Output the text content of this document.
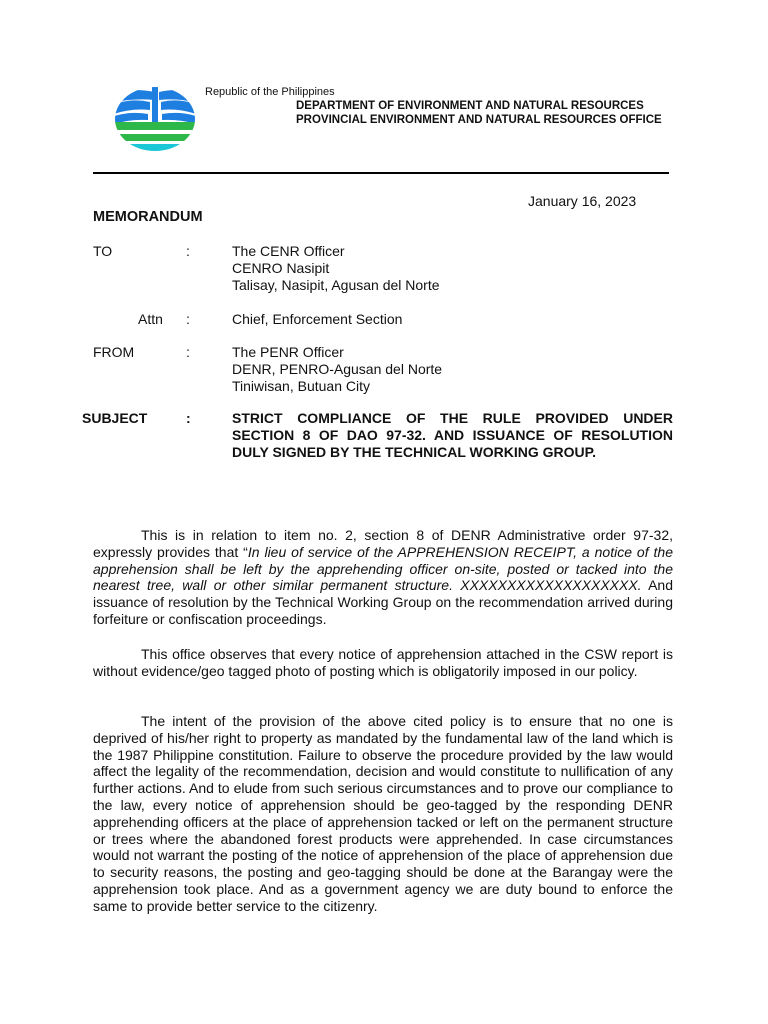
Republic of the Philippines
DEPARTMENT OF ENVIRONMENT AND NATURAL RESOURCES
PROVINCIAL ENVIRONMENT AND NATURAL RESOURCES OFFICE
January 16, 2023
MEMORANDUM
TO	:	The CENR Officer
CENRO Nasipit
Talisay, Nasipit, Agusan del Norte
Attn :	Chief, Enforcement Section
FROM	:	The PENR Officer
DENR, PENRO-Agusan del Norte
Tiniwisan, Butuan City
SUBJECT	:	STRICT COMPLIANCE OF THE RULE PROVIDED UNDER SECTION 8 OF DAO 97-32. AND ISSUANCE OF RESOLUTION DULY SIGNED BY THE TECHNICAL WORKING GROUP.
This is in relation to item no. 2, section 8 of DENR Administrative order 97-32, expressly provides that “In lieu of service of the APPREHENSION RECEIPT, a notice of the apprehension shall be left by the apprehending officer on-site, posted or tacked into the nearest tree, wall or other similar permanent structure. XXXXXXXXXXXXXXXXXXX. And issuance of resolution by the Technical Working Group on the recommendation arrived during forfeiture or confiscation proceedings.
This office observes that every notice of apprehension attached in the CSW report is without evidence/geo tagged photo of posting which is obligatorily imposed in our policy.
The intent of the provision of the above cited policy is to ensure that no one is deprived of his/her right to property as mandated by the fundamental law of the land which is the 1987 Philippine constitution. Failure to observe the procedure provided by the law would affect the legality of the recommendation, decision and would constitute to nullification of any further actions. And to elude from such serious circumstances and to prove our compliance to the law, every notice of apprehension should be geo-tagged by the responding DENR apprehending officers at the place of apprehension tacked or left on the permanent structure or trees where the abandoned forest products were apprehended. In case circumstances would not warrant the posting of the notice of apprehension of the place of apprehension due to security reasons, the posting and geo-tagging should be done at the Barangay were the apprehension took place. And as a government agency we are duty bound to enforce the same to provide better service to the citizenry.
